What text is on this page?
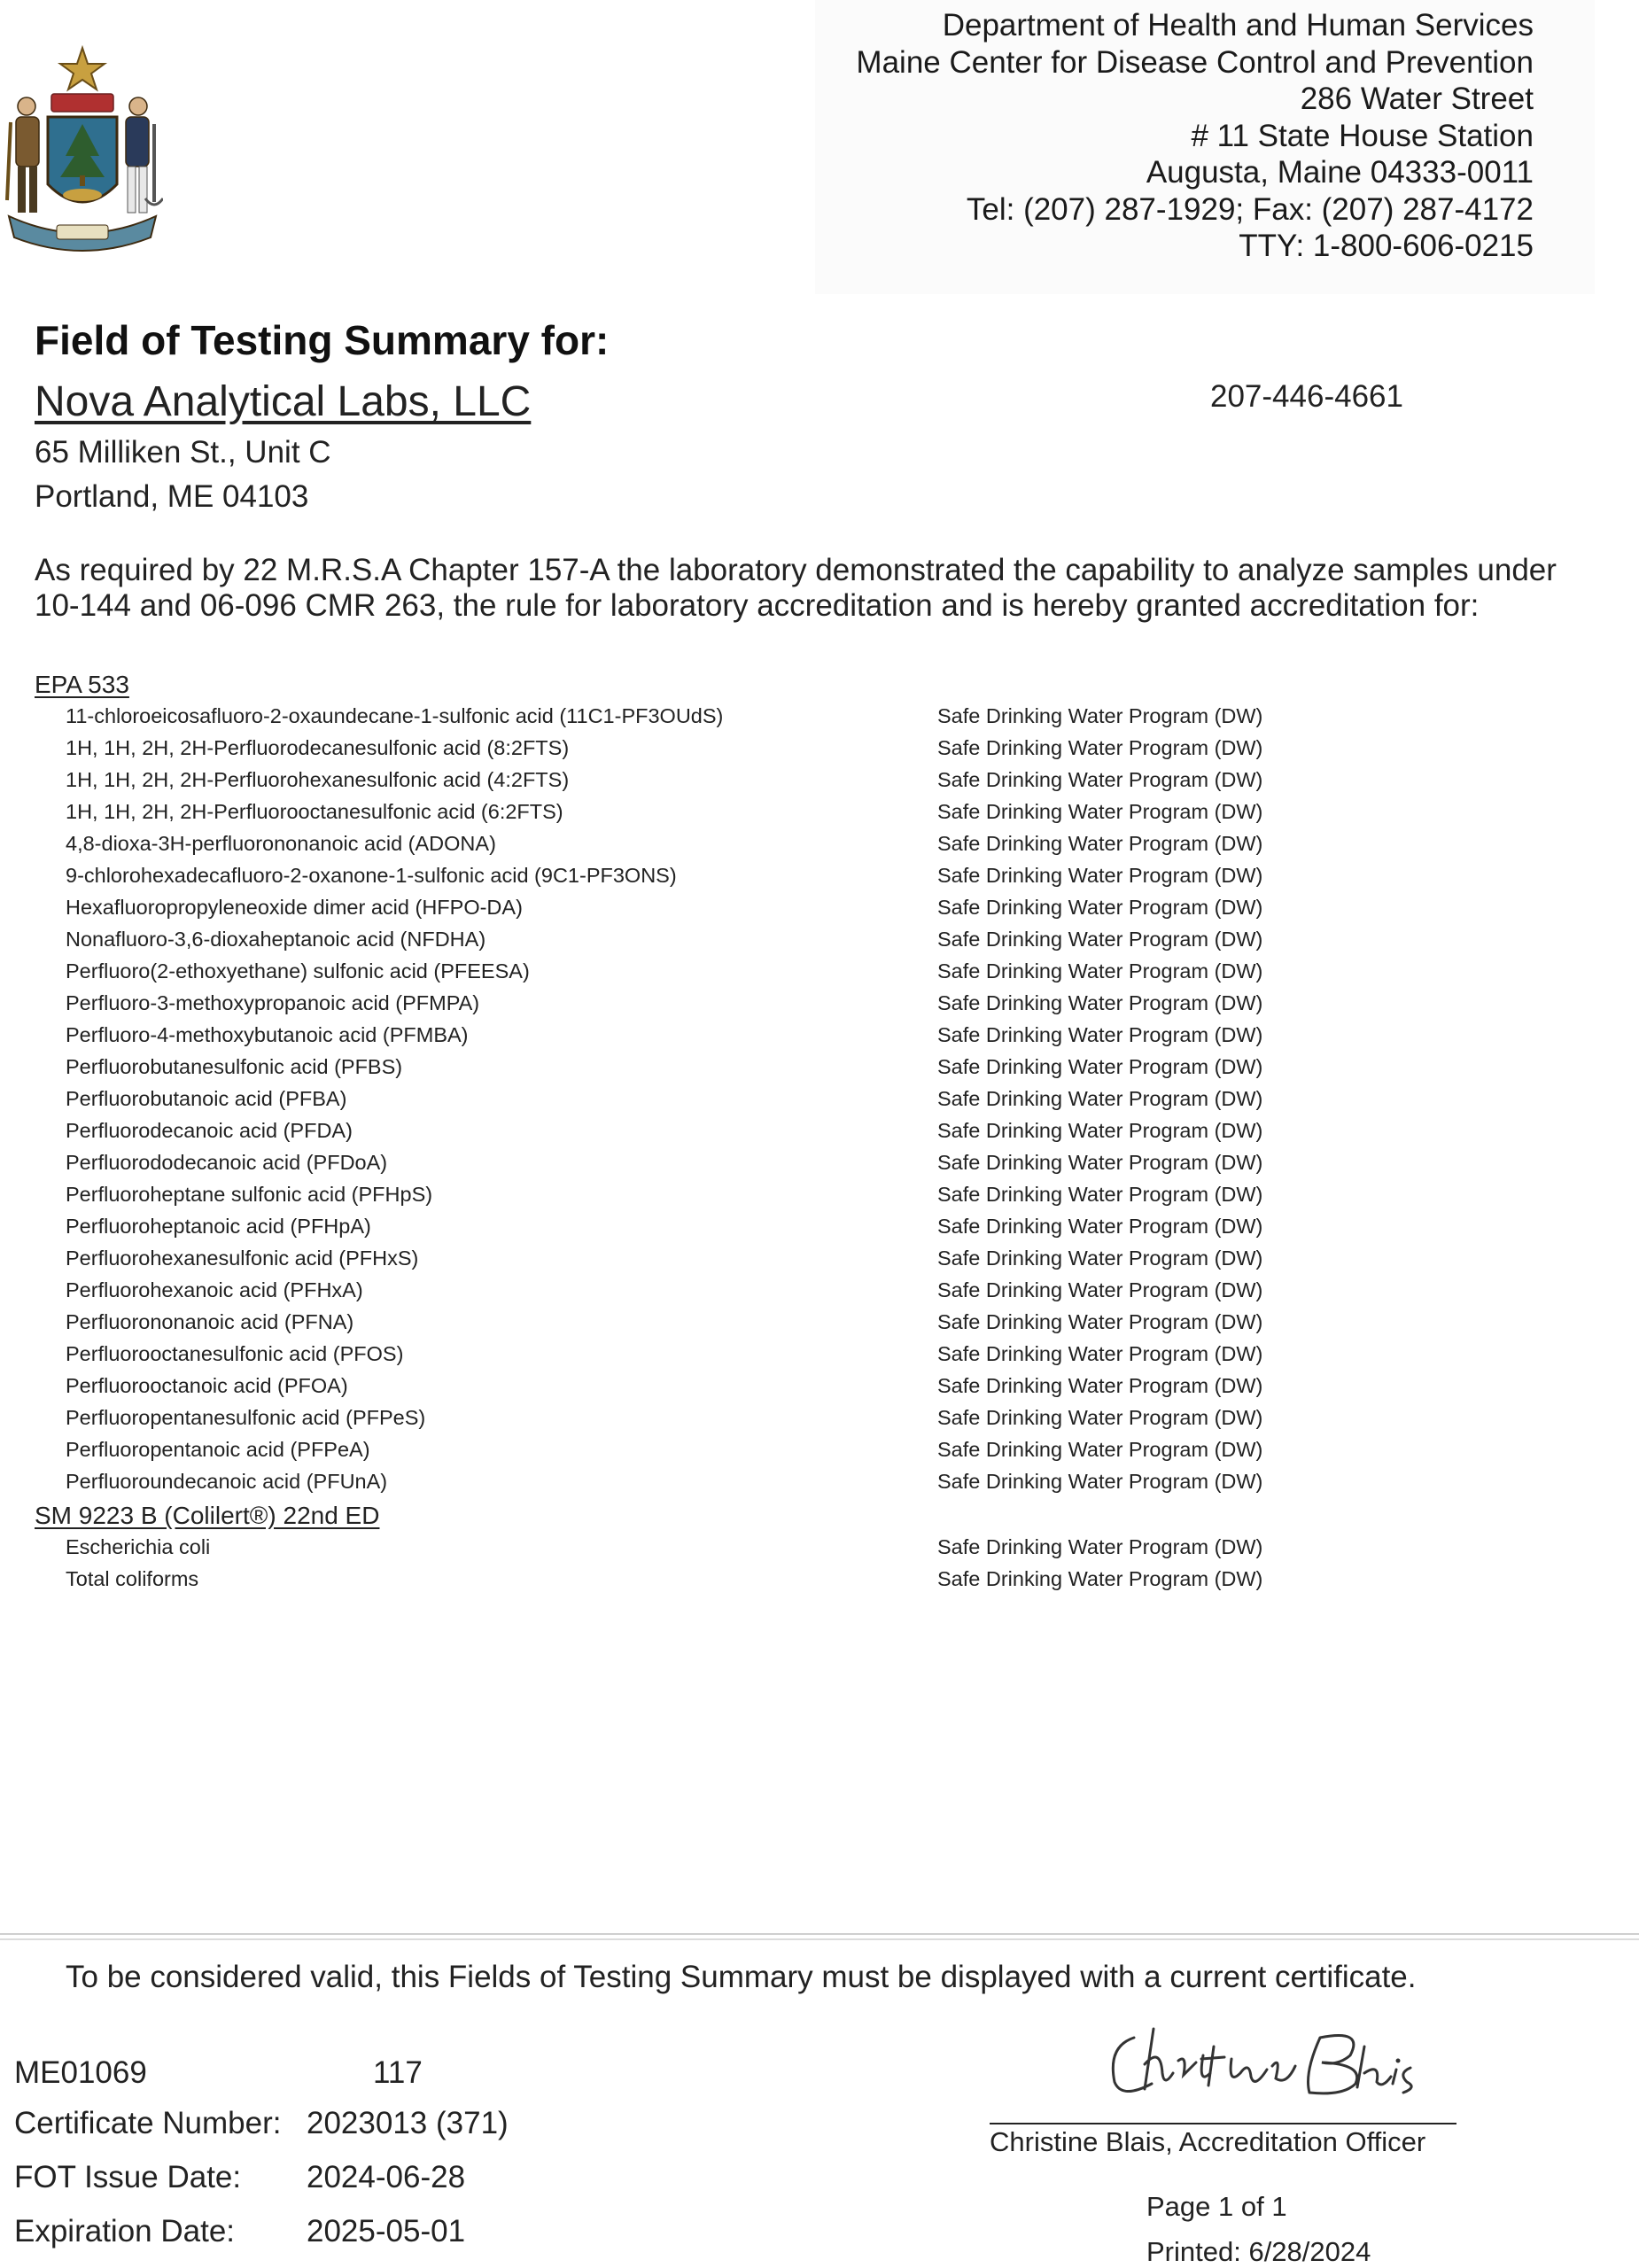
Department of Health and Human Services
Maine Center for Disease Control and Prevention
286 Water Street
# 11 State House Station
Augusta, Maine 04333-0011
Tel: (207) 287-1929; Fax: (207) 287-4172
TTY: 1-800-606-0215
Field of Testing Summary for:
Nova Analytical Labs, LLC	207-446-4661
65 Milliken St., Unit C
Portland, ME 04103
As required by 22 M.R.S.A Chapter 157-A the laboratory demonstrated the capability to analyze samples under 10-144 and 06-096 CMR 263, the rule for laboratory accreditation and is hereby granted accreditation for:
EPA 533
11-chloroeicosafluoro-2-oxaundecane-1-sulfonic acid (11C1-PF3OUdS)	Safe Drinking Water Program (DW)
1H, 1H, 2H, 2H-Perfluorodecanesulfonic acid (8:2FTS)	Safe Drinking Water Program (DW)
1H, 1H, 2H, 2H-Perfluorohexanesulfonic acid (4:2FTS)	Safe Drinking Water Program (DW)
1H, 1H, 2H, 2H-Perfluorooctanesulfonic acid (6:2FTS)	Safe Drinking Water Program (DW)
4,8-dioxa-3H-perfluorononanoic acid (ADONA)	Safe Drinking Water Program (DW)
9-chlorohexadecafluoro-2-oxanone-1-sulfonic acid (9C1-PF3ONS)	Safe Drinking Water Program (DW)
Hexafluoropropyleneoxide dimer acid (HFPO-DA)	Safe Drinking Water Program (DW)
Nonafluoro-3,6-dioxaheptanoic acid (NFDHA)	Safe Drinking Water Program (DW)
Perfluoro(2-ethoxyethane) sulfonic acid (PFEESA)	Safe Drinking Water Program (DW)
Perfluoro-3-methoxypropanoic acid (PFMPA)	Safe Drinking Water Program (DW)
Perfluoro-4-methoxybutanoic acid (PFMBA)	Safe Drinking Water Program (DW)
Perfluorobutanesulfonic acid (PFBS)	Safe Drinking Water Program (DW)
Perfluorobutanoic acid (PFBA)	Safe Drinking Water Program (DW)
Perfluorodecanoic acid (PFDA)	Safe Drinking Water Program (DW)
Perfluorododecanoic acid (PFDoA)	Safe Drinking Water Program (DW)
Perfluoroheptane sulfonic acid (PFHpS)	Safe Drinking Water Program (DW)
Perfluoroheptanoic acid (PFHpA)	Safe Drinking Water Program (DW)
Perfluorohexanesulfonic acid (PFHxS)	Safe Drinking Water Program (DW)
Perfluorohexanoic acid (PFHxA)	Safe Drinking Water Program (DW)
Perfluorononanoic acid (PFNA)	Safe Drinking Water Program (DW)
Perfluorooctanesulfonic acid (PFOS)	Safe Drinking Water Program (DW)
Perfluorooctanoic acid (PFOA)	Safe Drinking Water Program (DW)
Perfluoropentanesulfonic acid (PFPeS)	Safe Drinking Water Program (DW)
Perfluoropentanoic acid (PFPeA)	Safe Drinking Water Program (DW)
Perfluoroundecanoic acid (PFUnA)	Safe Drinking Water Program (DW)
SM 9223 B (Colilert®) 22nd ED
Escherichia coli	Safe Drinking Water Program (DW)
Total coliforms	Safe Drinking Water Program (DW)
To be considered valid, this Fields of Testing Summary must be displayed with a current certificate.
ME01069	117
Certificate Number: 2023013 (371)
FOT Issue Date: 2024-06-28
Expiration Date: 2025-05-01
Christine Blais, Accreditation Officer
Page 1 of 1
Printed: 6/28/2024
